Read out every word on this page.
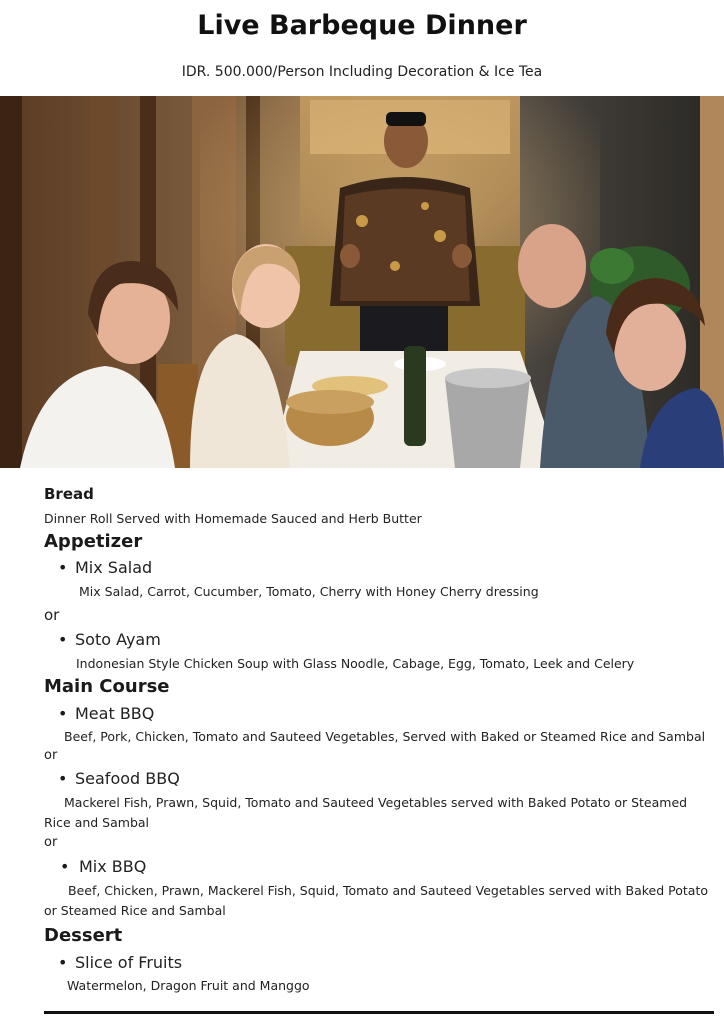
Live Barbeque Dinner
IDR. 500.000/Person Including Decoration & Ice Tea
Bread
Dinner Roll Served with Homemade Sauced and Herb Butter
Appetizer
• Mix Salad
Mix Salad, Carrot, Cucumber, Tomato, Cherry with Honey Cherry dressing
or
• Soto Ayam
Indonesian Style Chicken Soup with Glass Noodle, Cabage, Egg, Tomato, Leek and Celery
Main Course
• Meat BBQ
Beef, Pork, Chicken, Tomato and Sauteed Vegetables, Served with Baked or Steamed Rice and Sambal
or
• Seafood BBQ
Mackerel Fish, Prawn, Squid, Tomato and Sauteed Vegetables served with Baked Potato or Steamed
Rice and Sambal
or
• Mix BBQ
Beef, Chicken, Prawn, Mackerel Fish, Squid, Tomato and Sauteed Vegetables served with Baked Potato
or Steamed Rice and Sambal
Dessert
• Slice of Fruits
Watermelon, Dragon Fruit and Manggo
